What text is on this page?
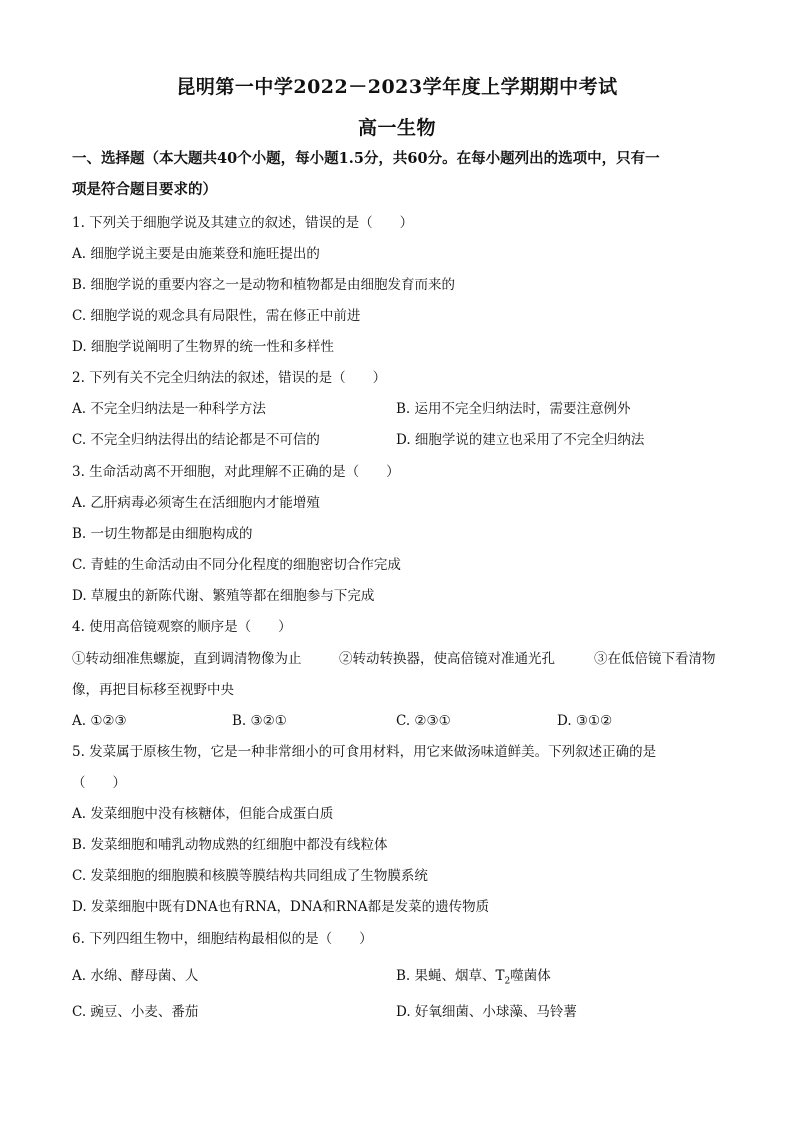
昆明第一中学2022－2023学年度上学期期中考试
高一生物
一、选择题（本大题共40个小题，每小题1.5分，共60分。在每小题列出的选项中，只有一
项是符合题目要求的）
1. 下列关于细胞学说及其建立的叙述，错误的是（　　）
A. 细胞学说主要是由施莱登和施旺提出的
B. 细胞学说的重要内容之一是动物和植物都是由细胞发育而来的
C. 细胞学说的观念具有局限性，需在修正中前进
D. 细胞学说阐明了生物界的统一性和多样性
2. 下列有关不完全归纳法的叙述，错误的是（　　）
A. 不完全归纳法是一种科学方法	B. 运用不完全归纳法时，需要注意例外
C. 不完全归纳法得出的结论都是不可信的	D. 细胞学说的建立也采用了不完全归纳法
3. 生命活动离不开细胞，对此理解不正确的是（　　）
A. 乙肝病毒必须寄生在活细胞内才能增殖
B. 一切生物都是由细胞构成的
C. 青蛙的生命活动由不同分化程度的细胞密切合作完成
D. 草履虫的新陈代谢、繁殖等都在细胞参与下完成
4. 使用高倍镜观察的顺序是（　　）
①转动细准焦螺旋，直到调清物像为止	②转动转换器，使高倍镜对准通光孔	③在低倍镜下看清物
像，再把目标移至视野中央
A. ①②③	B. ③②①	C. ②③①	D. ③①②
5. 发菜属于原核生物，它是一种非常细小的可食用材料，用它来做汤味道鲜美。下列叙述正确的是
（　　）
A. 发菜细胞中没有核糖体，但能合成蛋白质
B. 发菜细胞和哺乳动物成熟的红细胞中都没有线粒体
C. 发菜细胞的细胞膜和核膜等膜结构共同组成了生物膜系统
D. 发菜细胞中既有DNA也有RNA，DNA和RNA都是发菜的遗传物质
6. 下列四组生物中，细胞结构最相似的是（　　）
A. 水绵、酵母菌、人	B. 果蝇、烟草、$T_2$噬菌体
C. 豌豆、小麦、番茄	D. 好氧细菌、小球藻、马铃薯
